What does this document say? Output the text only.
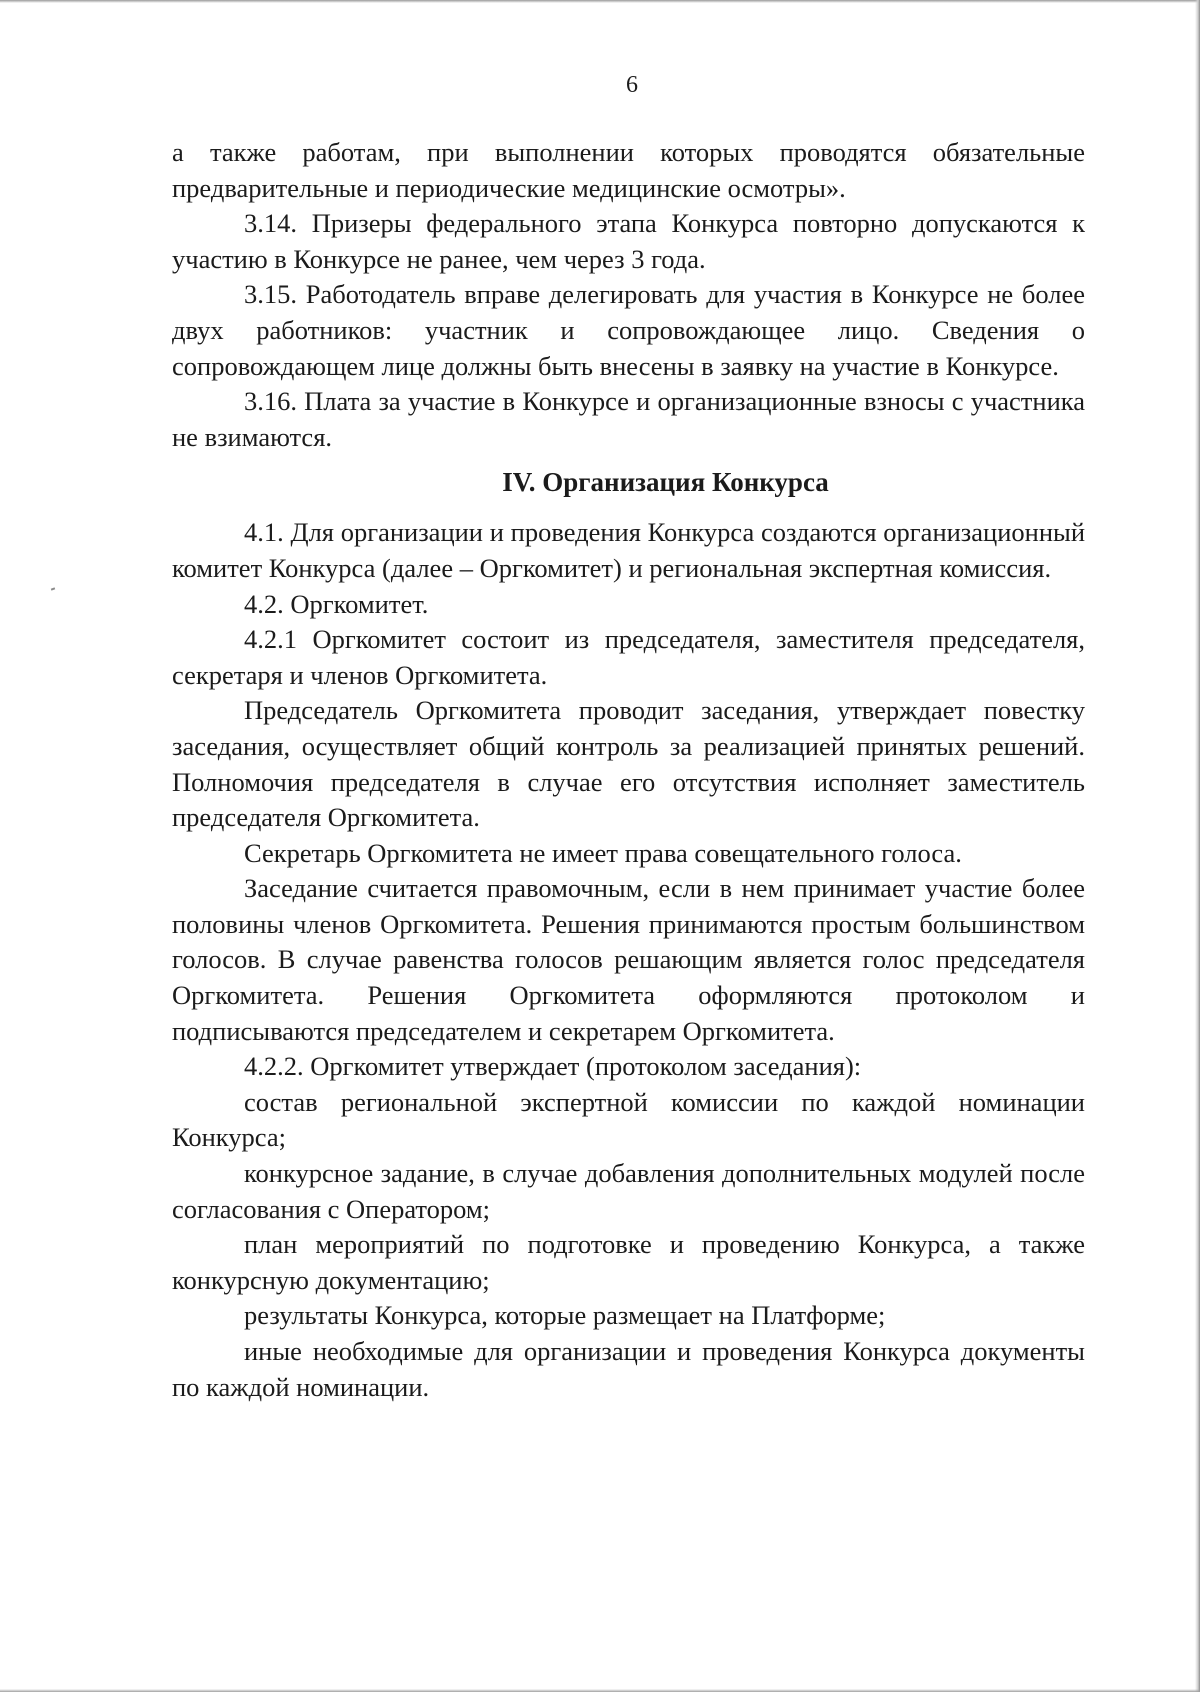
6

а также работам, при выполнении которых проводятся обязательные предварительные и периодические медицинские осмотры».

3.14. Призеры федерального этапа Конкурса повторно допускаются к участию в Конкурсе не ранее, чем через 3 года.

3.15. Работодатель вправе делегировать для участия в Конкурсе не более двух работников: участник и сопровождающее лицо. Сведения о сопровождающем лице должны быть внесены в заявку на участие в Конкурсе.

3.16. Плата за участие в Конкурсе и организационные взносы с участника не взимаются.

IV. Организация Конкурса

4.1. Для организации и проведения Конкурса создаются организационный комитет Конкурса (далее – Оргкомитет) и региональная экспертная комиссия.

4.2. Оргкомитет.

4.2.1 Оргкомитет состоит из председателя, заместителя председателя, секретаря и членов Оргкомитета.

Председатель Оргкомитета проводит заседания, утверждает повестку заседания, осуществляет общий контроль за реализацией принятых решений. Полномочия председателя в случае его отсутствия исполняет заместитель председателя Оргкомитета.

Секретарь Оргкомитета не имеет права совещательного голоса.

Заседание считается правомочным, если в нем принимает участие более половины членов Оргкомитета. Решения принимаются простым большинством голосов. В случае равенства голосов решающим является голос председателя Оргкомитета. Решения Оргкомитета оформляются протоколом и подписываются председателем и секретарем Оргкомитета.

4.2.2. Оргкомитет утверждает (протоколом заседания):

состав региональной экспертной комиссии по каждой номинации Конкурса;

конкурсное задание, в случае добавления дополнительных модулей после согласования с Оператором;

план мероприятий по подготовке и проведению Конкурса, а также конкурсную документацию;

результаты Конкурса, которые размещает на Платформе;

иные необходимые для организации и проведения Конкурса документы по каждой номинации.
